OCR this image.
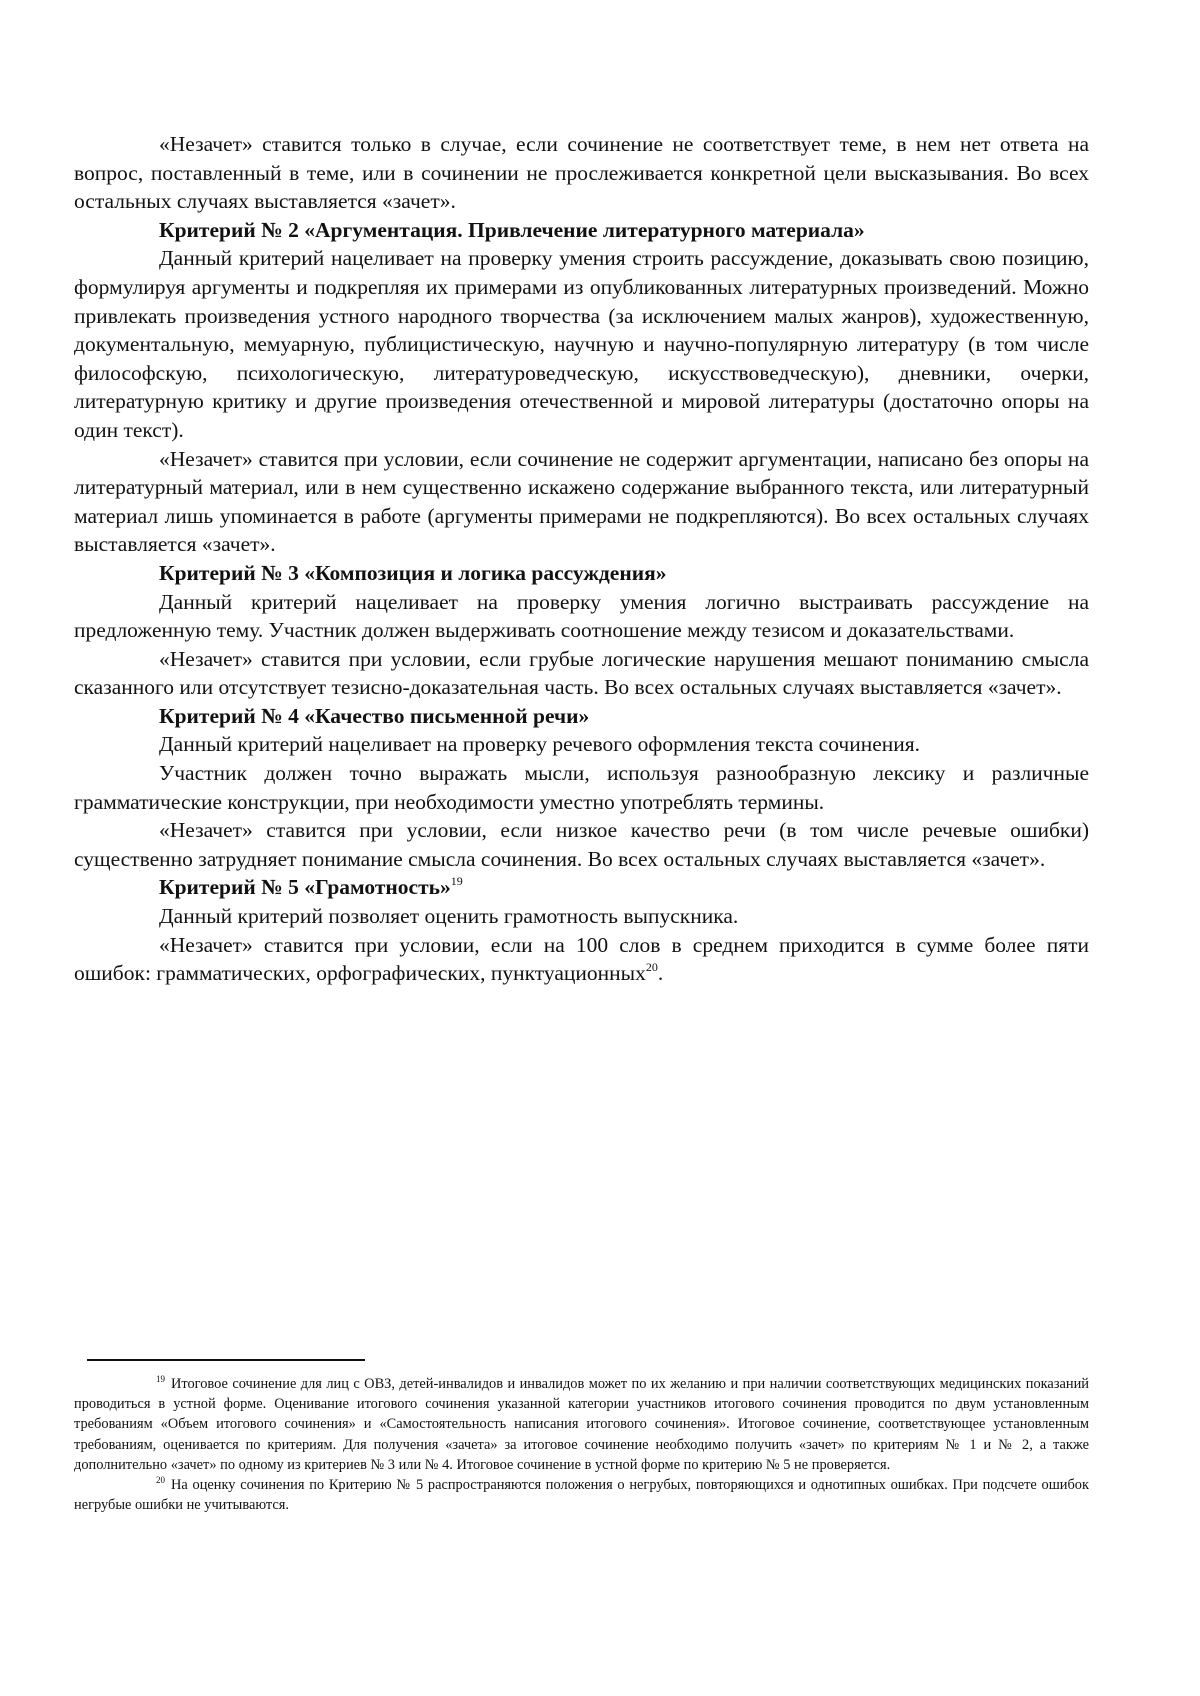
«Незачет» ставится только в случае, если сочинение не соответствует теме, в нем нет ответа на вопрос, поставленный в теме, или в сочинении не прослеживается конкретной цели высказывания. Во всех остальных случаях выставляется «зачет».

Критерий № 2 «Аргументация. Привлечение литературного материала»

Данный критерий нацеливает на проверку умения строить рассуждение, доказывать свою позицию, формулируя аргументы и подкрепляя их примерами из опубликованных литературных произведений. Можно привлекать произведения устного народного творчества (за исключением малых жанров), художественную, документальную, мемуарную, публицистическую, научную и научно-популярную литературу (в том числе философскую, психологическую, литературоведческую, искусствоведческую), дневники, очерки, литературную критику и другие произведения отечественной и мировой литературы (достаточно опоры на один текст).

«Незачет» ставится при условии, если сочинение не содержит аргументации, написано без опоры на литературный материал, или в нем существенно искажено содержание выбранного текста, или литературный материал лишь упоминается в работе (аргументы примерами не подкрепляются). Во всех остальных случаях выставляется «зачет».

Критерий № 3 «Композиция и логика рассуждения»

Данный критерий нацеливает на проверку умения логично выстраивать рассуждение на предложенную тему. Участник должен выдерживать соотношение между тезисом и доказательствами.

«Незачет» ставится при условии, если грубые логические нарушения мешают пониманию смысла сказанного или отсутствует тезисно-доказательная часть. Во всех остальных случаях выставляется «зачет».

Критерий № 4 «Качество письменной речи»

Данный критерий нацеливает на проверку речевого оформления текста сочинения.

Участник должен точно выражать мысли, используя разнообразную лексику и различные грамматические конструкции, при необходимости уместно употреблять термины.

«Незачет» ставится при условии, если низкое качество речи (в том числе речевые ошибки) существенно затрудняет понимание смысла сочинения. Во всех остальных случаях выставляется «зачет».

Критерий № 5 «Грамотность»$^{19}$

Данный критерий позволяет оценить грамотность выпускника.

«Незачет» ставится при условии, если на 100 слов в среднем приходится в сумме более пяти ошибок: грамматических, орфографических, пунктуационных$^{20}$.

$^{19}$ Итоговое сочинение для лиц с ОВЗ, детей-инвалидов и инвалидов может по их желанию и при наличии соответствующих медицинских показаний проводиться в устной форме. Оценивание итогового сочинения указанной категории участников итогового сочинения проводится по двум установленным требованиям «Объем итогового сочинения» и «Самостоятельность написания итогового сочинения». Итоговое сочинение, соответствующее установленным требованиям, оценивается по критериям. Для получения «зачета» за итоговое сочинение необходимо получить «зачет» по критериям № 1 и № 2, а также дополнительно «зачет» по одному из критериев № 3 или № 4. Итоговое сочинение в устной форме по критерию № 5 не проверяется.

$^{20}$ На оценку сочинения по Критерию № 5 распространяются положения о негрубых, повторяющихся и однотипных ошибках. При подсчете ошибок негрубые ошибки не учитываются.
